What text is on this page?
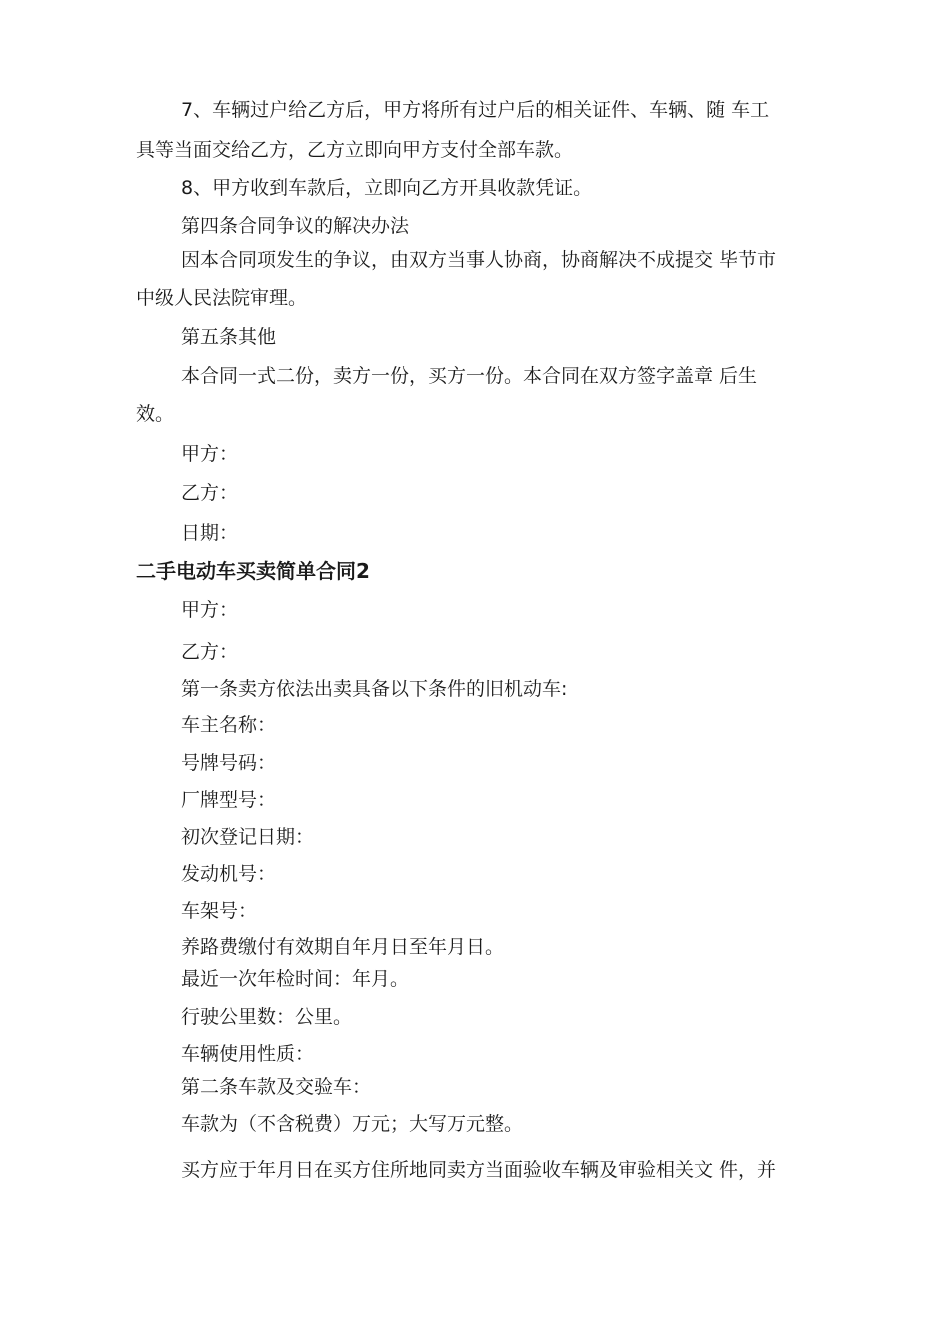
7、车辆过户给乙方后，甲方将所有过户后的相关证件、车辆、随 车工
具等当面交给乙方，乙方立即向甲方支付全部车款。
8、甲方收到车款后，立即向乙方开具收款凭证。
第四条合同争议的解决办法
因本合同项发生的争议，由双方当事人协商，协商解决不成提交 毕节市
中级人民法院审理。
第五条其他
本合同一式二份，卖方一份，买方一份。本合同在双方签字盖章 后生
效。
甲方：
乙方：
日期：
二手电动车买卖简单合同2
甲方：
乙方：
第一条卖方依法出卖具备以下条件的旧机动车:
车主名称：
号牌号码：
厂牌型号：
初次登记日期：
发动机号：
车架号：
养路费缴付有效期自年月日至年月日。
最近一次年检时间：年月。
行驶公里数：公里。
车辆使用性质：
第二条车款及交验车：
车款为（不含税费）万元；大写万元整。
买方应于年月日在买方住所地同卖方当面验收车辆及审验相关文 件，并
